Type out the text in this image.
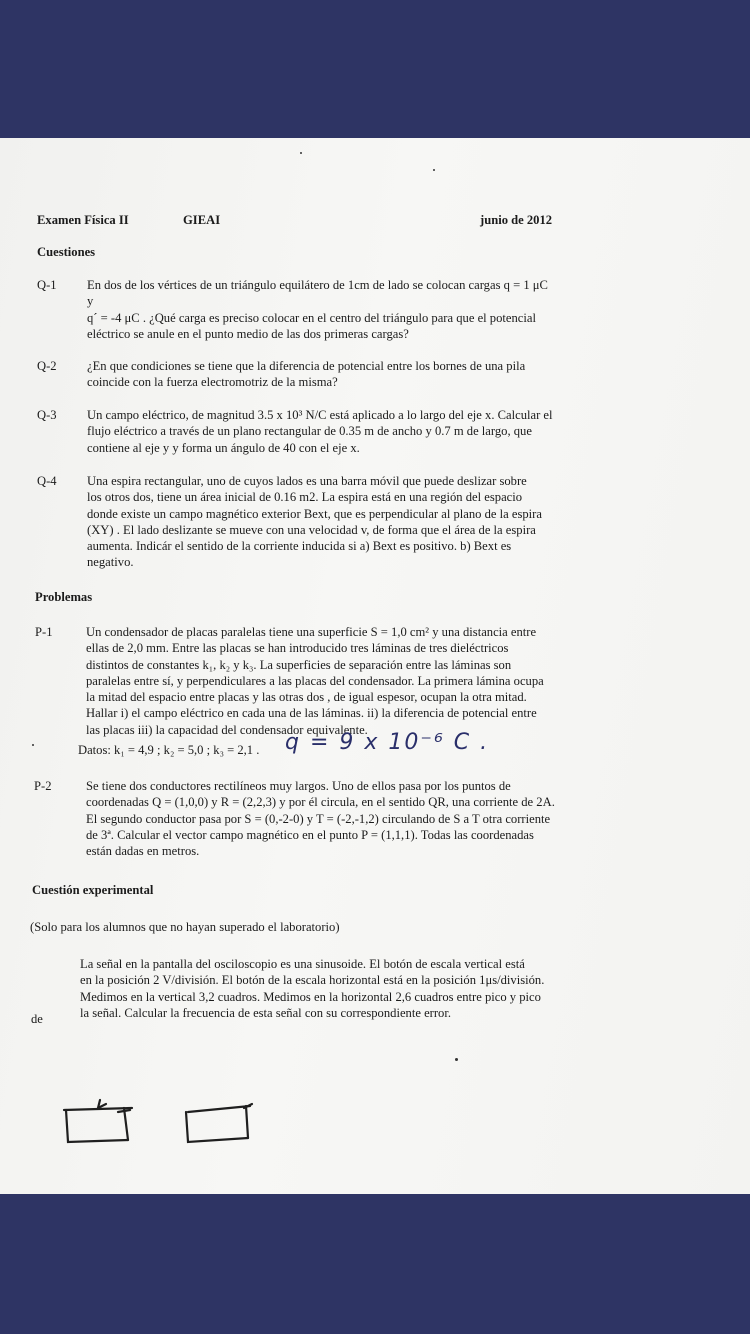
Examen Física II	GIEAI	junio de 2012
Cuestiones
Q-1 En dos de los vértices de un triángulo equilátero de 1cm de lado se colocan cargas q = 1 μC
y
q´ = -4 μC . ¿Qué carga es preciso colocar en el centro del triángulo para que el potencial
eléctrico se anule en el punto medio de las dos primeras cargas?
Q-2 ¿En que condiciones se tiene que la diferencia de potencial entre los bornes de una pila
coincide con la fuerza electromotriz de la misma?
Q-3 Un campo eléctrico, de magnitud 3.5 x 10³ N/C está aplicado a lo largo del eje x. Calcular el
flujo eléctrico a través de un plano rectangular de 0.35 m de ancho y 0.7 m de largo, que
contiene al eje y y forma un ángulo de 40 con el eje x.
Q-4 Una espira rectangular, uno de cuyos lados es una barra móvil que puede deslizar sobre
los otros dos, tiene un área inicial de 0.16 m2. La espira está en una región del espacio
donde existe un campo magnético exterior Bext, que es perpendicular al plano de la espira
(XY) . El lado deslizante se mueve con una velocidad v, de forma que el área de la espira
aumenta. Indicár el sentido de la corriente inducida si a) Bext es positivo. b) Bext es
negativo.
Problemas
P-1	Un condensador de placas paralelas tiene una superficie S = 1,0 cm² y una distancia entre
ellas de 2,0 mm. Entre las placas se han introducido tres láminas de tres dieléctricos
distintos de constantes k₁, k₂ y k₃. La superficies de separación entre las láminas son
paralelas entre sí, y perpendiculares a las placas del condensador. La primera lámina ocupa
la mitad del espacio entre placas y las otras dos , de igual espesor, ocupan la otra mitad.
Hallar i) el campo eléctrico en cada una de las láminas. ii) la diferencia de potencial entre
las placas iii) la capacidad del condensador equivalente.
Datos: k₁ = 4,9 ; k₂ = 5,0 ; k₃ = 2,1 . q = 9 x 10⁻⁶ C .
P-2	Se tiene dos conductores rectilíneos muy largos. Uno de ellos pasa por los puntos de
coordenadas Q = (1,0,0) y R = (2,2,3) y por él circula, en el sentido QR, una corriente de 2A.
El segundo conductor pasa por S = (0,-2-0) y T = (-2,-1,2) circulando de S a T otra corriente
de 3ª. Calcular el vector campo magnético en el punto P = (1,1,1). Todas las coordenadas
están dadas en metros.
Cuestión experimental
(Solo para los alumnos que no hayan superado el laboratorio)
La señal en la pantalla del osciloscopio es una sinusoide. El botón de escala vertical está
en la posición 2 V/división. El botón de la escala horizontal está en la posición 1μs/división.
Medimos en la vertical 3,2 cuadros. Medimos en la horizontal 2,6 cuadros entre pico y pico
la señal. Calcular la frecuencia de esta señal con su correspondiente error.
de
